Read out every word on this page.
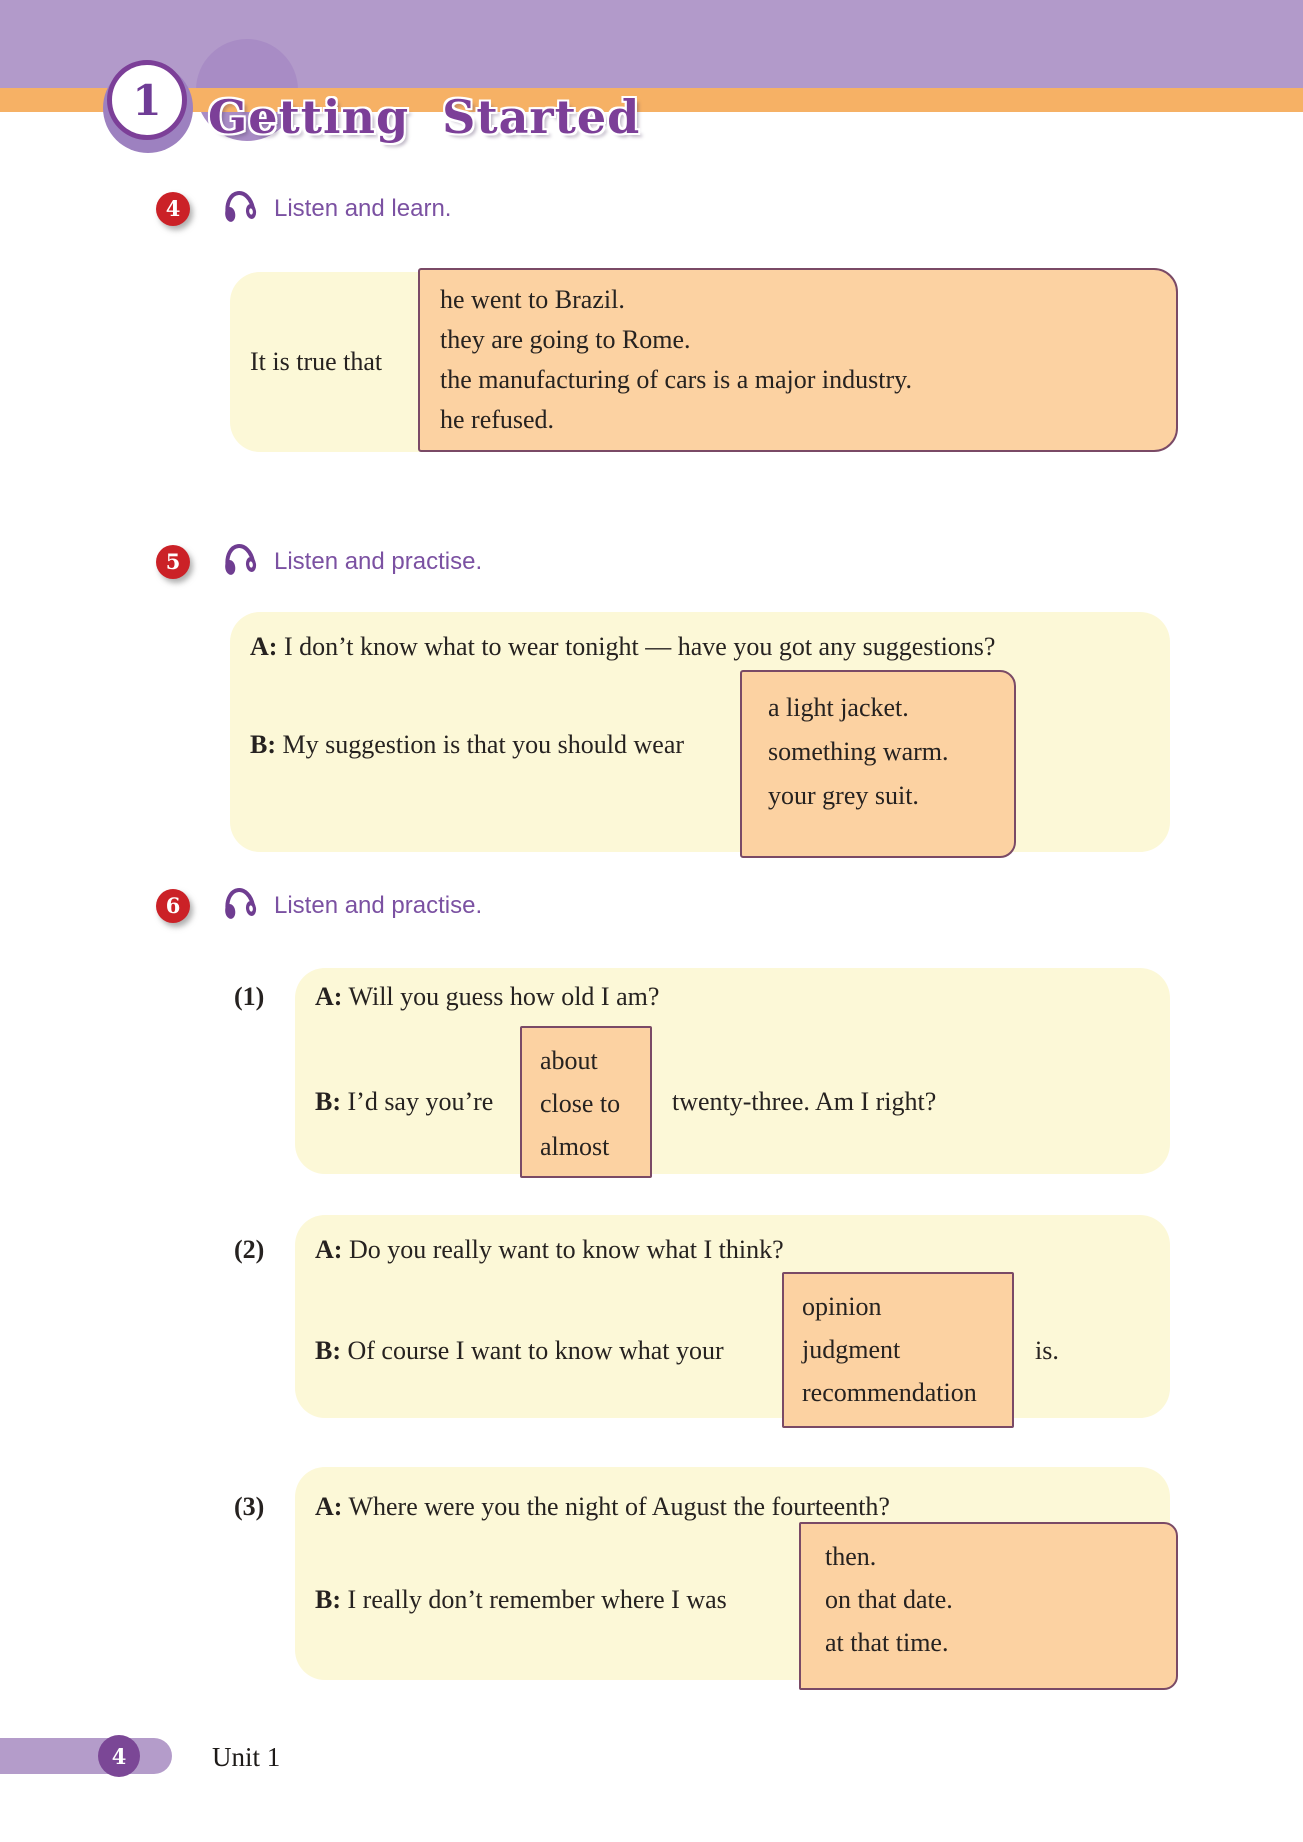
1 Getting Started
4	Listen and learn.
It is true that
he went to Brazil.
they are going to Rome.
the manufacturing of cars is a major industry.
he refused.
5	Listen and practise.
A: I don’t know what to wear tonight — have you got any suggestions?
B: My suggestion is that you should wear
a light jacket.
something warm.
your grey suit.
6	Listen and practise.
(1) A: Will you guess how old I am?
B: I’d say you’re
about
close to
almost
twenty-three. Am I right?
(2) A: Do you really want to know what I think?
B: Of course I want to know what your
opinion
judgment
recommendation
is.
(3) A: Where were you the night of August the fourteenth?
B: I really don’t remember where I was
then.
on that date.
at that time.
4	Unit 1
